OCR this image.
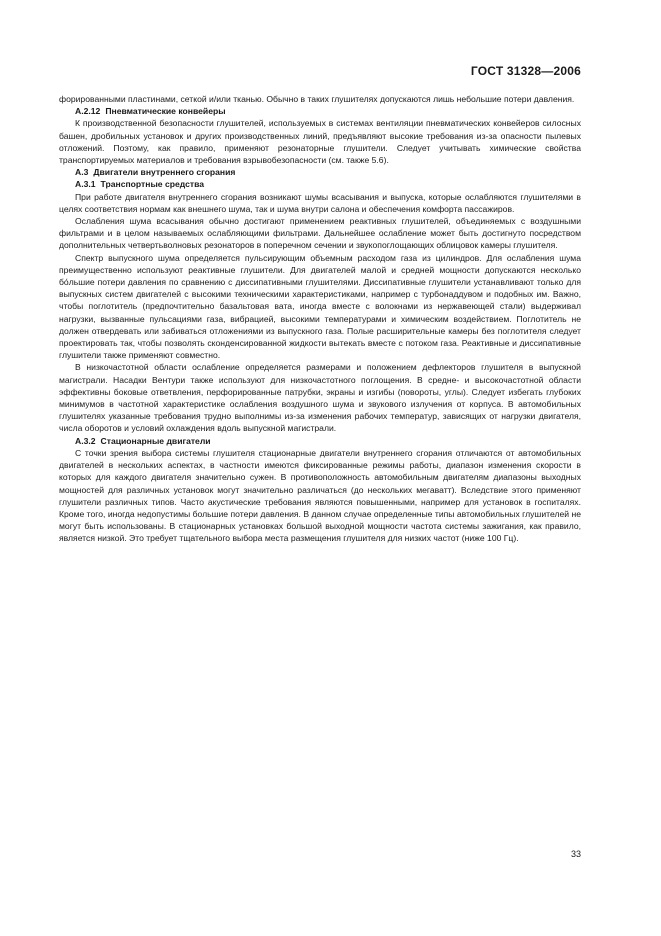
ГОСТ 31328—2006

форированными пластинами, сеткой и/или тканью. Обычно в таких глушителях допускаются лишь небольшие потери давления.

А.2.12 Пневматические конвейеры

К производственной безопасности глушителей, используемых в системах вентиляции пневматических конвейеров силосных башен, дробильных установок и других производственных линий, предъявляют высокие требования из-за опасности пылевых отложений. Поэтому, как правило, применяют резонаторные глушители. Следует учитывать химические свойства транспортируемых материалов и требования взрывобезопасности (см. также 5.6).

А.3 Двигатели внутреннего сгорания
А.3.1 Транспортные средства

При работе двигателя внутреннего сгорания возникают шумы всасывания и выпуска, которые ослабляются глушителями в целях соответствия нормам как внешнего шума, так и шума внутри салона и обеспечения комфорта пассажиров.

Ослабления шума всасывания обычно достигают применением реактивных глушителей, объединяемых с воздушными фильтрами и в целом называемых ослабляющими фильтрами. Дальнейшее ослабление может быть достигнуто посредством дополнительных четвертьволновых резонаторов в поперечном сечении и звукопоглощающих облицовок камеры глушителя.

Спектр выпускного шума определяется пульсирующим объемным расходом газа из цилиндров. Для ослабления шума преимущественно используют реактивные глушители. Для двигателей малой и средней мощности допускаются несколько бо́льшие потери давления по сравнению с диссипативными глушителями. Диссипативные глушители устанавливают только для выпускных систем двигателей с высокими техническими характеристиками, например с турбонаддувом и подобных им. Важно, чтобы поглотитель (предпочтительно базальтовая вата, иногда вместе с волокнами из нержавеющей стали) выдерживал нагрузки, вызванные пульсациями газа, вибрацией, высокими температурами и химическим воздействием. Поглотитель не должен отвердевать или забиваться отложениями из выпускного газа. Полые расширительные камеры без поглотителя следует проектировать так, чтобы позволять сконденсированной жидкости вытекать вместе с потоком газа. Реактивные и диссипативные глушители также применяют совместно.

В низкочастотной области ослабление определяется размерами и положением дефлекторов глушителя в выпускной магистрали. Насадки Вентури также используют для низкочастотного поглощения. В средне- и высокочастотной области эффективны боковые ответвления, перфорированные патрубки, экраны и изгибы (повороты, углы). Следует избегать глубоких минимумов в частотной характеристике ослабления воздушного шума и звукового излучения от корпуса. В автомобильных глушителях указанные требования трудно выполнимы из-за изменения рабочих температур, зависящих от нагрузки двигателя, числа оборотов и условий охлаждения вдоль выпускной магистрали.

А.3.2 Стационарные двигатели

С точки зрения выбора системы глушителя стационарные двигатели внутреннего сгорания отличаются от автомобильных двигателей в нескольких аспектах, в частности имеются фиксированные режимы работы, диапазон изменения скорости в которых для каждого двигателя значительно сужен. В противоположность автомобильным двигателям диапазоны выходных мощностей для различных установок могут значительно различаться (до нескольких мегаватт). Вследствие этого применяют глушители различных типов. Часто акустические требования являются повышенными, например для установок в госпиталях. Кроме того, иногда недопустимы большие потери давления. В данном случае определенные типы автомобильных глушителей не могут быть использованы. В стационарных установках большой выходной мощности частота системы зажигания, как правило, является низкой. Это требует тщательного выбора места размещения глушителя для низких частот (ниже 100 Гц).

33
